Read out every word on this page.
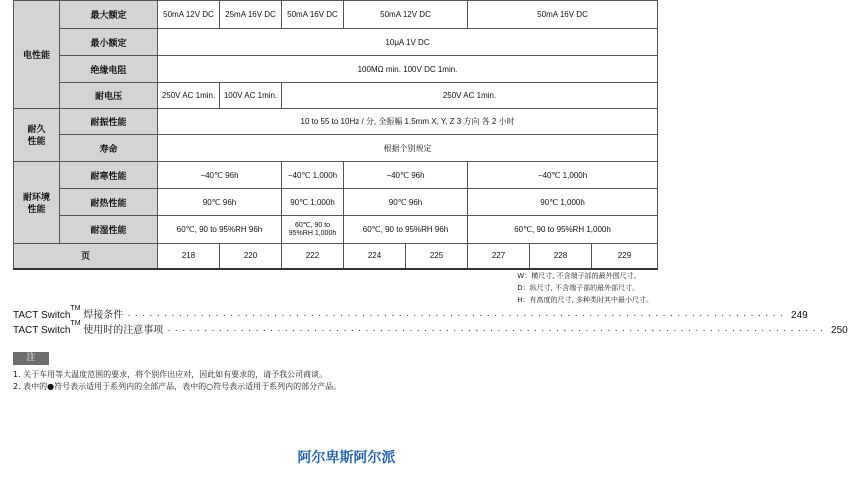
电性能	最大额定	50mA 12V DC	25mA 16V DC	50mA 16V DC	50mA 12V DC		50mA 16V DC		
	最小额定	10μA 1V DC							
	绝缘电阻	100MΩ min. 100V DC 1min.							
	耐电压	250V AC 1min.	100V AC 1min.	250V AC 1min.					
耐久
性能	耐振性能	10 to 55 to 10Hz / 分, 全振幅 1.5mm X, Y, Z 3 方向 各 2 小时							
	寿命	根据个别规定							
耐环境
性能	耐寒性能	−40℃ 96h		−40℃ 1,000h	−40℃ 96h		−40℃ 1,000h		
	耐热性能	90℃ 96h		90℃ 1,000h	90℃ 96h		90℃ 1,000h		
	耐湿性能	60℃, 90 to 95%RH 96h		60℃, 90 to 95%RH 1,000h	60℃, 90 to 95%RH 96h		60℃, 90 to 95%RH 1,000h		
页		218	220	222	224	225	227	228	229
W：横尺寸, 不含端子部的最外围尺寸。
D：纵尺寸, 不含端子部的最外部尺寸。
H：有高度的尺寸, 多种类时其中最小尺寸。
TACT Switch™ 焊接条件 ·························································································· 249
TACT Switch™ 使用时的注意事项 ·························································································· 250
注
1. 关于车用等大温度范围的要求，将个别作出应对，因此如有要求的，请予我公司商谈。
2. 表中的●符号表示适用于系列内的全部产品，表中的○符号表示适用于系列内的部分产品。
阿尔卑斯阿尔派
